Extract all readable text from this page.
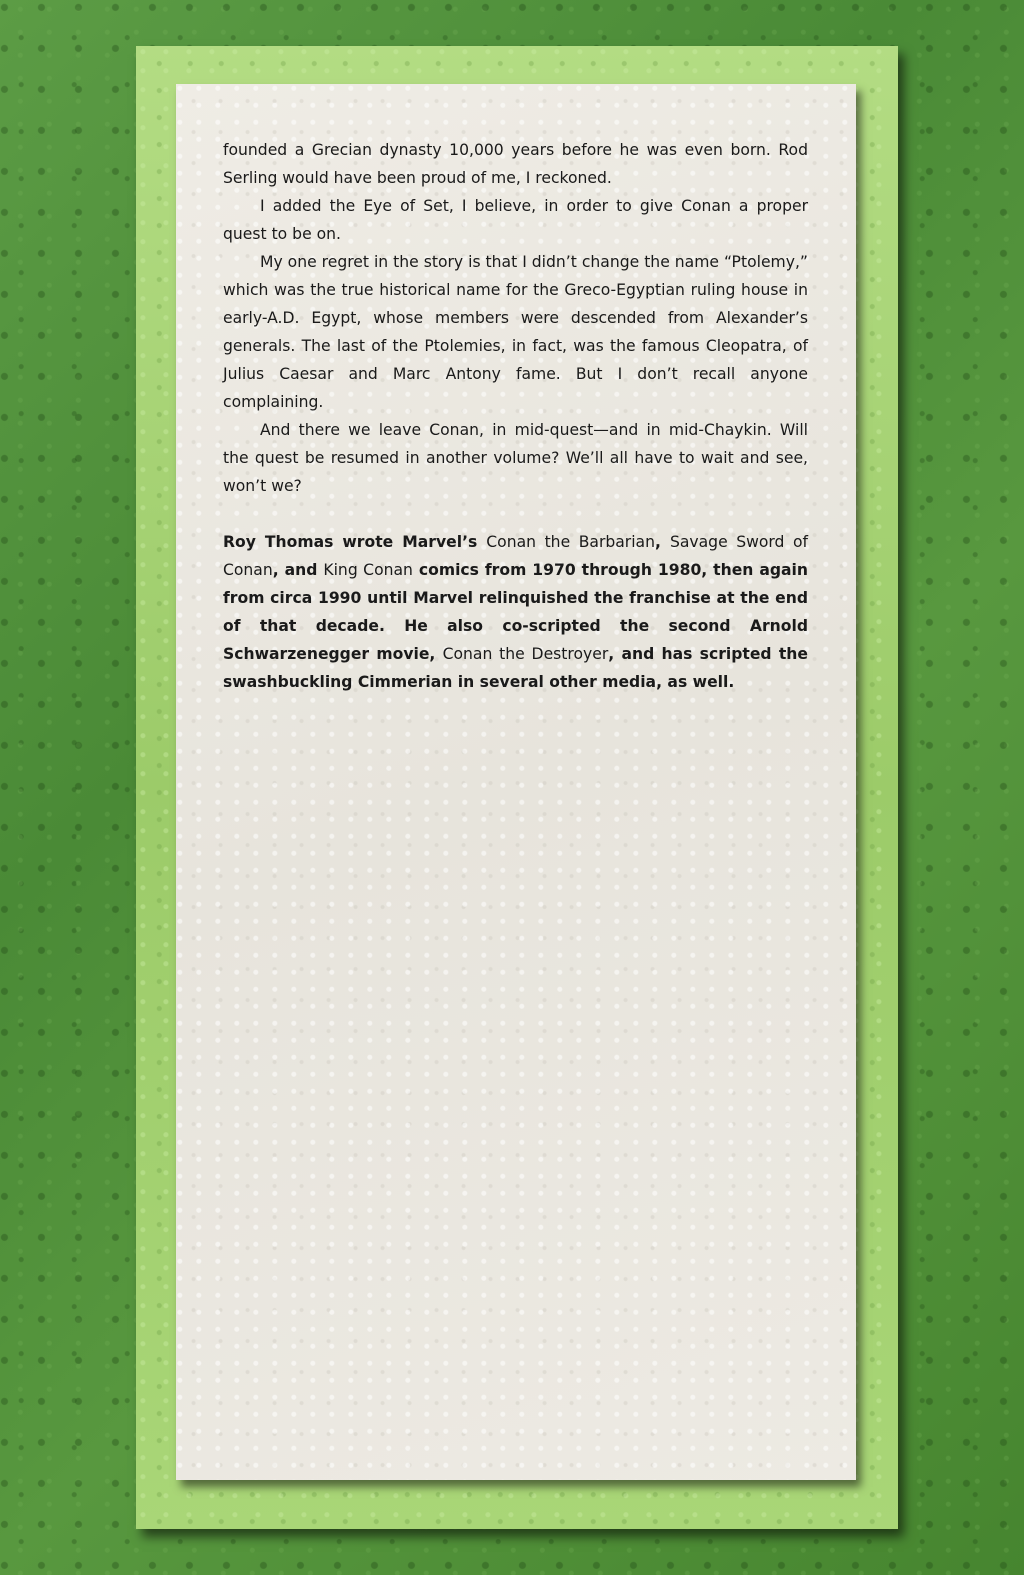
founded a Grecian dynasty 10,000 years before he was even born. Rod Serling would have been proud of me, I reckoned.

I added the Eye of Set, I believe, in order to give Conan a proper quest to be on.

My one regret in the story is that I didn’t change the name “Ptolemy,” which was the true historical name for the Greco-Egyptian ruling house in early-A.D. Egypt, whose members were descended from Alexander’s generals. The last of the Ptolemies, in fact, was the famous Cleopatra, of Julius Caesar and Marc Antony fame. But I don’t recall anyone complaining.

And there we leave Conan, in mid-quest—and in mid-Chaykin. Will the quest be resumed in another volume? We’ll all have to wait and see, won’t we?

Roy Thomas wrote Marvel’s Conan the Barbarian, Savage Sword of Conan, and King Conan comics from 1970 through 1980, then again from circa 1990 until Marvel relinquished the franchise at the end of that decade. He also co-scripted the second Arnold Schwarzenegger movie, Conan the Destroyer, and has scripted the swashbuckling Cimmerian in several other media, as well.
